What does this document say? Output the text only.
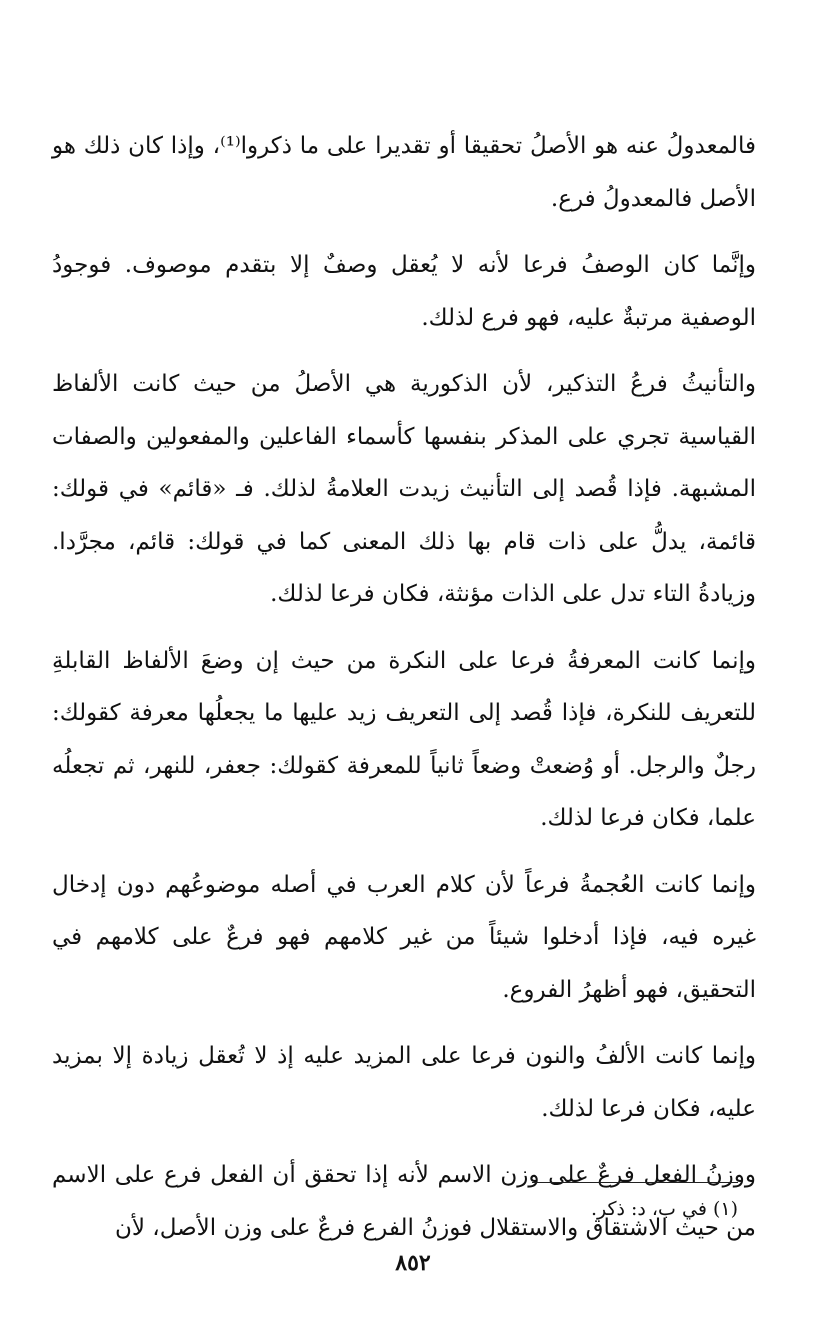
فالمعدولُ عنه هو الأصلُ تحقيقا أو تقديرا على ما ذكروا⁽¹⁾، وإذا كان ذلك هو الأصل فالمعدولُ فرع.

وإنَّما كان الوصفُ فرعا لأنه لا يُعقل وصفٌ إلا بتقدم موصوف. فوجودُ الوصفية مرتبةٌ عليه، فهو فرع لذلك.

والتأنيثُ فرعُ التذكير، لأن الذكورية هي الأصلُ من حيث كانت الألفاظ القياسية تجري على المذكر بنفسها كأسماء الفاعلين والمفعولين والصفات المشبهة. فإذا قُصد إلى التأنيث زيدت العلامةُ لذلك. فـ «قائم» في قولك: قائمة، يدلُّ على ذات قام بها ذلك المعنى كما في قولك: قائم، مجرَّدا. وزيادةُ التاء تدل على الذات مؤنثة، فكان فرعا لذلك.

وإنما كانت المعرفةُ فرعا على النكرة من حيث إن وضعَ الألفاظ القابلةِ للتعريف للنكرة، فإذا قُصد إلى التعريف زيد عليها ما يجعلُها معرفة كقولك: رجلٌ والرجل. أو وُضعتْ وضعاً ثانياً للمعرفة كقولك: جعفر، للنهر، ثم تجعلُه علما، فكان فرعا لذلك.

وإنما كانت العُجمةُ فرعاً لأن كلام العرب في أصله موضوعُهم دون إدخال غيره فيه، فإذا أدخلوا شيئاً من غير كلامهم فهو فرعٌ على كلامهم في التحقيق، فهو أظهرُ الفروع.

وإنما كانت الألفُ والنون فرعا على المزيد عليه إذ لا تُعقل زيادة إلا بمزيد عليه، فكان فرعا لذلك.

ووزنُ الفعل فرعٌ على وزن الاسم لأنه إذا تحقق أن الفعل فرع على الاسم من حيث الاشتقاق والاستقلال فوزنُ الفرع فرعٌ على وزن الأصل، لأن

(١) في ب، د: ذكر.
٨٥٢
